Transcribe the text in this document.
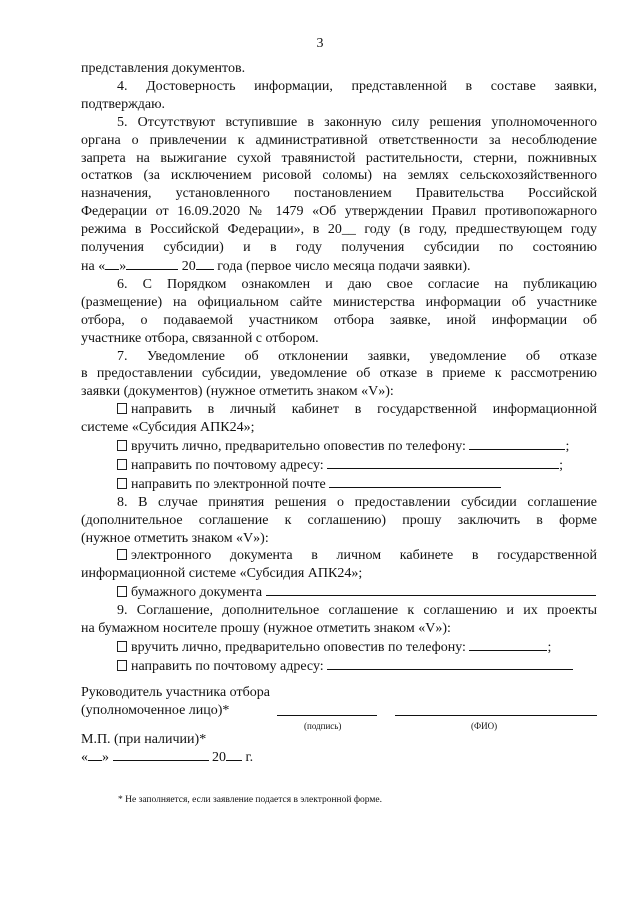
3

представления документов.

4. Достоверность информации, представленной в составе заявки,

подтверждаю.

5. Отсутствуют вступившие в законную силу решения уполномоченного

органа о привлечении к административной ответственности за несоблюдение

запрета на выжигание сухой травянистой растительности, стерни, пожнивных

остатков (за исключением рисовой соломы) на землях сельскохозяйственного

назначения, установленного постановлением Правительства Российской

Федерации от 16.09.2020 № 1479 «Об утверждении Правил противопожарного

режима в Российской Федерации», в 20__ году (в году, предшествующем году

получения субсидии) и в году получения субсидии по состоянию

на « »	20 года (первое число месяца подачи заявки).

6. С Порядком ознакомлен и даю свое согласие на публикацию

(размещение) на официальном сайте министерства информации об участнике

отбора, о подаваемой участником отбора заявке, иной информации об

участнике отбора, связанной с отбором.

7. Уведомление об отклонении заявки, уведомление об отказе

в предоставлении субсидии, уведомление об отказе в приеме к рассмотрению

заявки (документов) (нужное отметить знаком «V»):

направить в личный кабинет в государственной информационной

системе «Субсидия АПК24»;

вручить лично, предварительно оповестив по телефону:	;

направить по почтовому адресу:	;

направить по электронной почте

8. В случае принятия решения о предоставлении субсидии соглашение

(дополнительное соглашение к соглашению) прошу заключить в форме

(нужное отметить знаком «V»):

электронного документа в личном кабинете в государственной

информационной системе «Субсидия АПК24»;

бумажного документа

9. Соглашение, дополнительное соглашение к соглашению и их проекты

на бумажном носителе прошу (нужное отметить знаком «V»):

вручить лично, предварительно оповестив по телефону:	;

направить по почтовому адресу:

Руководитель участника отбора
(уполномоченное лицо)*
(подпись)	(ФИО)
М.П. (при наличии)*
« »	20 г.
* Не заполняется, если заявление подается в электронной форме.
